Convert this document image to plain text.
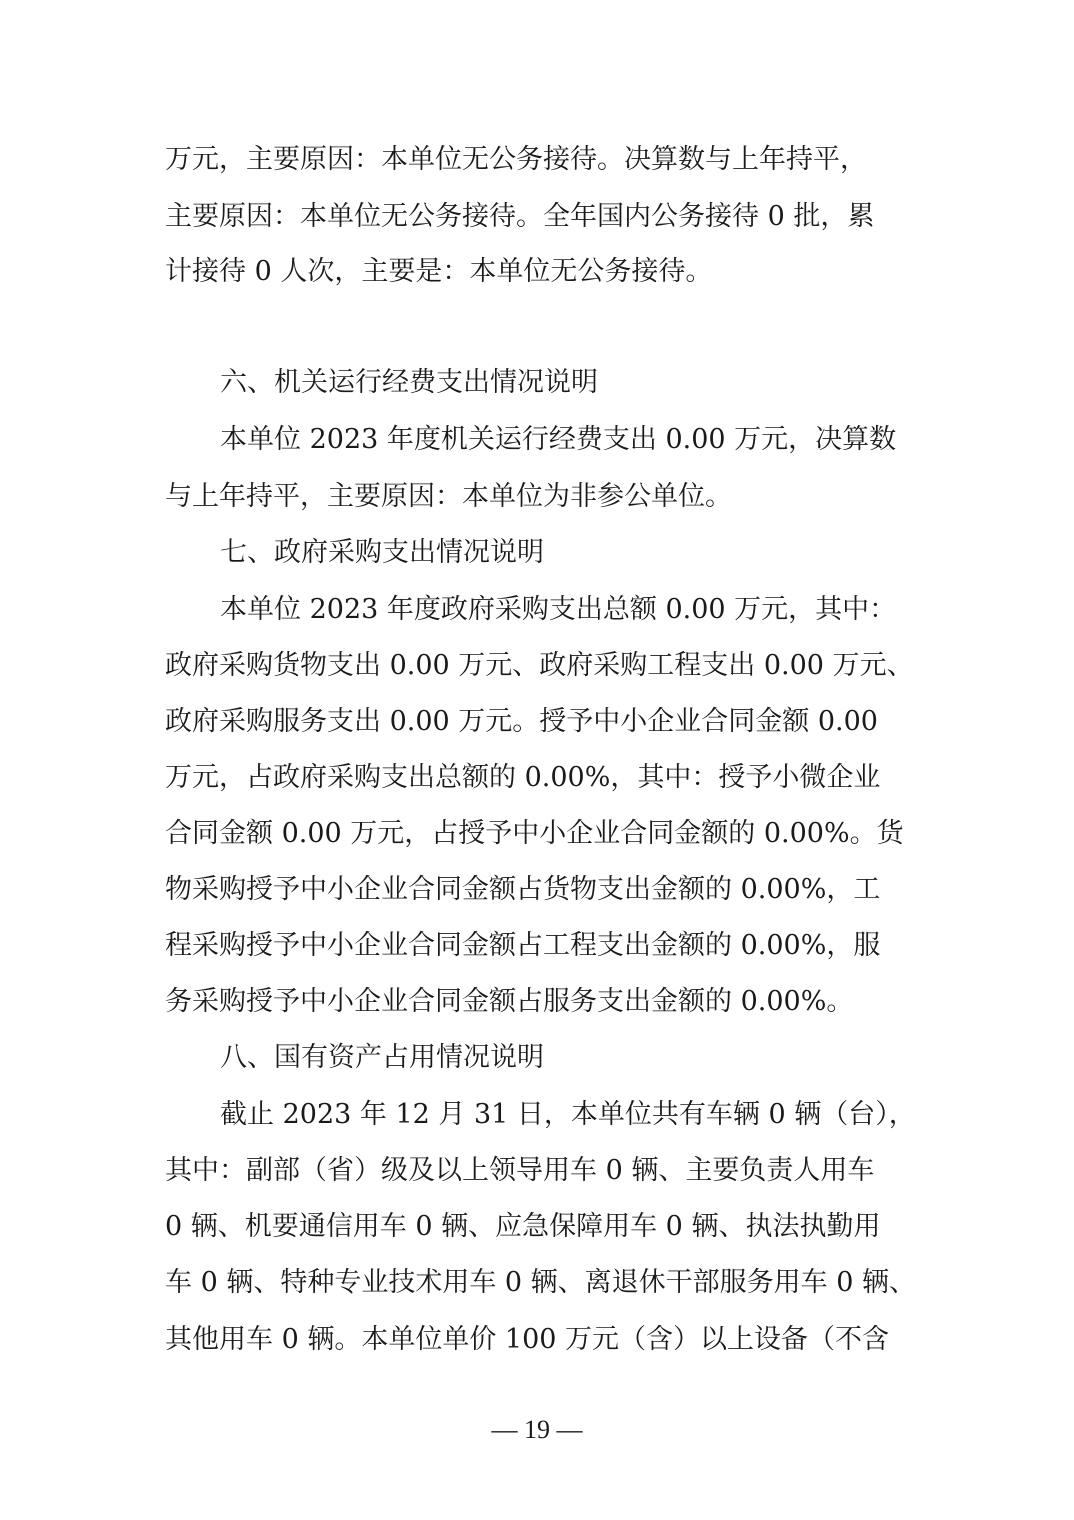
万元，主要原因：本单位无公务接待。决算数与上年持平，
主要原因：本单位无公务接待。全年国内公务接待 0 批，累
计接待 0 人次，主要是：本单位无公务接待。
六、机关运行经费支出情况说明
本单位 2023 年度机关运行经费支出 0.00 万元，决算数
与上年持平，主要原因：本单位为非参公单位。
七、政府采购支出情况说明
本单位 2023 年度政府采购支出总额 0.00 万元，其中：
政府采购货物支出 0.00 万元、政府采购工程支出 0.00 万元、
政府采购服务支出 0.00 万元。授予中小企业合同金额 0.00
万元，占政府采购支出总额的 0.00%，其中：授予小微企业
合同金额 0.00 万元，占授予中小企业合同金额的 0.00%。货
物采购授予中小企业合同金额占货物支出金额的 0.00%，工
程采购授予中小企业合同金额占工程支出金额的 0.00%，服
务采购授予中小企业合同金额占服务支出金额的 0.00%。
八、国有资产占用情况说明
截止 2023 年 12 月 31 日，本单位共有车辆 0 辆（台），
其中：副部（省）级及以上领导用车 0 辆、主要负责人用车
0 辆、机要通信用车 0 辆、应急保障用车 0 辆、执法执勤用
车 0 辆、特种专业技术用车 0 辆、离退休干部服务用车 0 辆、
其他用车 0 辆。本单位单价 100 万元（含）以上设备（不含
— 19 —
